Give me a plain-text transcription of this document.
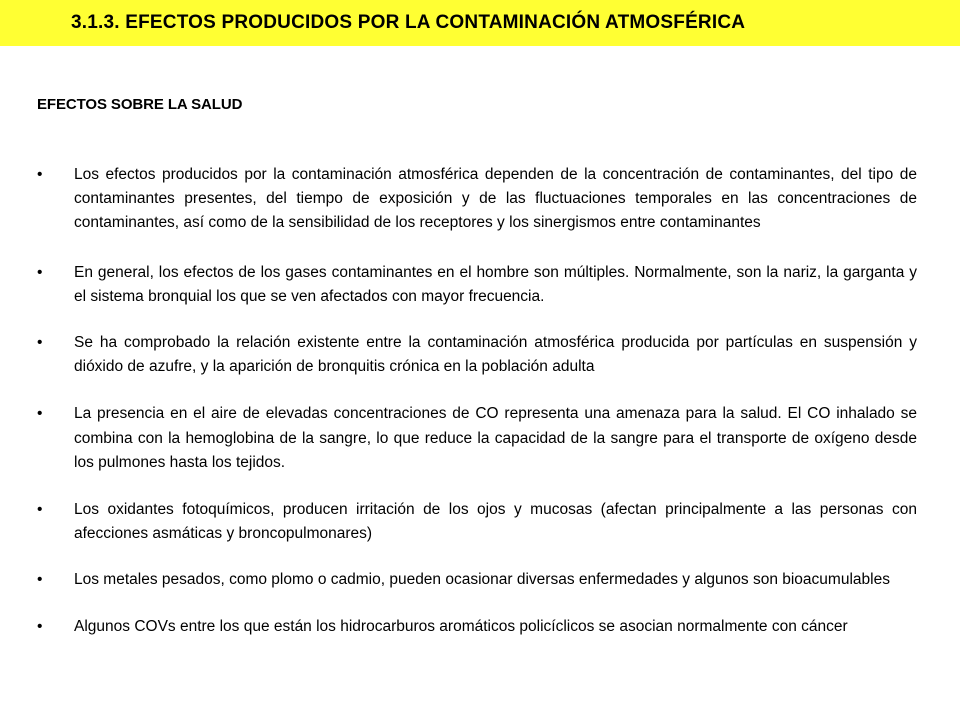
3.1.3. EFECTOS PRODUCIDOS POR LA CONTAMINACIÓN ATMOSFÉRICA
EFECTOS SOBRE LA SALUD
•	Los efectos producidos por la contaminación atmosférica dependen de la concentración de contaminantes, del tipo de contaminantes presentes, del tiempo de exposición y de las fluctuaciones temporales en las concentraciones de contaminantes, así como de la sensibilidad de los receptores y los sinergismos entre contaminantes
•	En general, los efectos de los gases contaminantes en el hombre son múltiples. Normalmente, son la nariz, la garganta y el sistema bronquial los que se ven afectados con mayor frecuencia.
•	Se ha comprobado la relación existente entre la contaminación atmosférica producida por partículas en suspensión y dióxido de azufre, y la aparición de bronquitis crónica en la población adulta
•	La presencia en el aire de elevadas concentraciones de CO representa una amenaza para la salud. El CO inhalado se combina con la hemoglobina de la sangre, lo que reduce la capacidad de la sangre para el transporte de oxígeno desde los pulmones hasta los tejidos.
•	Los oxidantes fotoquímicos, producen irritación de los ojos y mucosas (afectan principalmente a las personas con afecciones asmáticas y broncopulmonares)
•	Los metales pesados, como plomo o cadmio, pueden ocasionar diversas enfermedades y algunos son bioacumulables
•	Algunos COVs entre los que están los hidrocarburos aromáticos policíclicos se asocian normalmente con cáncer
